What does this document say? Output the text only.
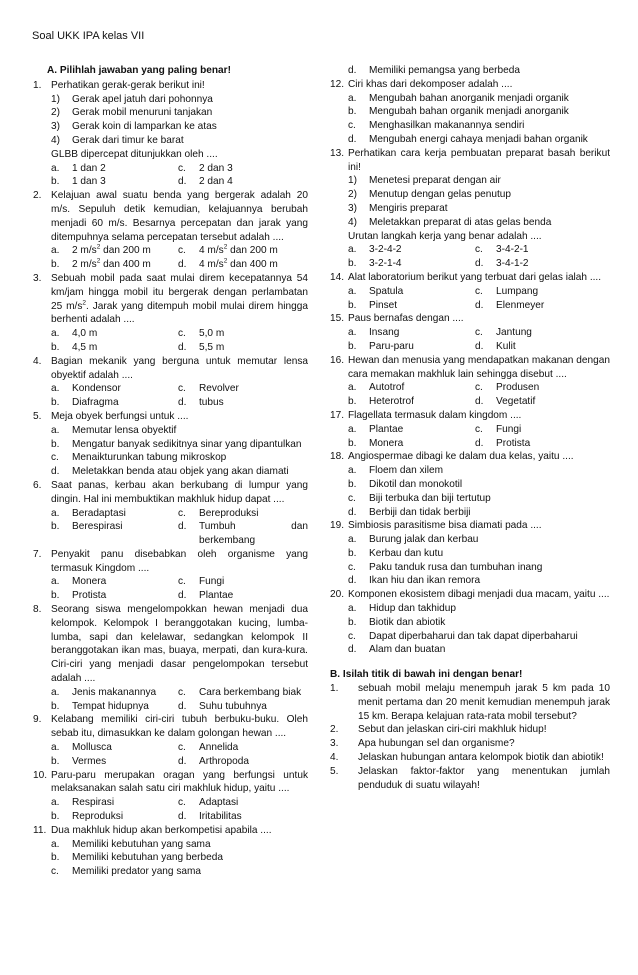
Soal UKK IPA kelas VII
A. Pilihlah jawaban yang paling benar!
1. Perhatikan gerak-gerak berikut ini!
1)	Gerak apel jatuh dari pohonnya
2)	Gerak mobil menuruni tanjakan
3)	Gerak koin di lamparkan ke atas
4)	Gerak dari timur ke barat
GLBB dipercepat ditunjukkan oleh ....
a.	1 dan 2	c.	2 dan 3
b.	1 dan 3	d.	2 dan 4
2. Kelajuan awal suatu benda yang bergerak adalah 20 m/s. Sepuluh detik kemudian, kelajuannya berubah menjadi 60 m/s. Besarnya percepatan dan jarak yang ditempuhnya selama percepatan tersebut adalah ....
a.	2 $m/s^2$ dan 200 m	c.	4 $m/s^2$ dan 200 m
b.	2 $m/s^2$ dan 400 m	d.	4 $m/s^2$ dan 400 m
3. Sebuah mobil pada saat mulai direm kecepatannya 54 km/jam hingga mobil itu bergerak dengan perlambatan 25 $m/s^2$. Jarak yang ditempuh mobil mulai direm hingga berhenti adalah ....
a.	4,0 m	c.	5,0 m
b.	4,5 m	d.	5,5 m
4. Bagian mekanik yang berguna untuk memutar lensa obyektif adalah ....
a.	Kondensor	c.	Revolver
b.	Diafragma	d.	tubus
5. Meja obyek berfungsi untuk ....
a.	Memutar lensa obyektif
b.	Mengatur banyak sedikitnya sinar yang dipantulkan
c.	Menaikturunkan tabung mikroskop
d.	Meletakkan benda atau objek yang akan diamati
6. Saat panas, kerbau akan berkubang di lumpur yang dingin. Hal ini membuktikan makhluk hidup dapat ....
a.	Beradaptasi	c.	Bereproduksi
b.	Berespirasi	d.	Tumbuh dan berkembang
7. Penyakit panu disebabkan oleh organisme yang termasuk Kingdom ....
a.	Monera	c.	Fungi
b.	Protista	d.	Plantae
8. Seorang siswa mengelompokkan hewan menjadi dua kelompok. Kelompok I beranggotakan kucing, lumba-lumba, sapi dan kelelawar, sedangkan kelompok II beranggotakan ikan mas, buaya, merpati, dan kura-kura. Ciri-ciri yang menjadi dasar pengelompokan tersebut adalah ....
a.	Jenis makanannya	c.	Cara berkembang biak
b.	Tempat hidupnya	d.	Suhu tubuhnya
9. Kelabang memiliki ciri-ciri tubuh berbuku-buku. Oleh sebab itu, dimasukkan ke dalam golongan hewan ....
a.	Mollusca	c.	Annelida
b.	Vermes	d.	Arthropoda
10. Paru-paru merupakan oragan yang berfungsi untuk melaksanakan salah satu ciri makhluk hidup, yaitu ....
a.	Respirasi	c.	Adaptasi
b.	Reproduksi	d.	Iritabilitas
11. Dua makhluk hidup akan berkompetisi apabila ....
a.	Memiliki kebutuhan yang sama
b.	Memiliki kebutuhan yang berbeda
c.	Memiliki predator yang sama
d.	Memiliki pemangsa yang berbeda
12. Ciri khas dari dekomposer adalah ....
a.	Mengubah bahan anorganik menjadi organik
b.	Mengubah bahan organik menjadi anorganik
c.	Menghasilkan makanannya sendiri
d.	Mengubah energi cahaya menjadi bahan organik
13. Perhatikan cara kerja pembuatan preparat basah berikut ini!
1)	Menetesi preparat dengan air
2)	Menutup dengan gelas penutup
3)	Mengiris preparat
4)	Meletakkan preparat di atas gelas benda
Urutan langkah kerja yang benar adalah ....
a.	3-2-4-2	c.	3-4-2-1
b.	3-2-1-4	d.	3-4-1-2
14. Alat laboratorium berikut yang terbuat dari gelas ialah ....
a.	Spatula	c.	Lumpang
b.	Pinset	d.	Elenmeyer
15. Paus bernafas dengan ....
a.	Insang	c.	Jantung
b.	Paru-paru	d.	Kulit
16. Hewan dan menusia yang mendapatkan makanan dengan cara memakan makhluk lain sehingga disebut ....
a.	Autotrof	c.	Produsen
b.	Heterotrof	d.	Vegetatif
17. Flagellata termasuk dalam kingdom ....
a.	Plantae	c.	Fungi
b.	Monera	d.	Protista
18. Angiospermae dibagi ke dalam dua kelas, yaitu ....
a.	Floem dan xilem
b.	Dikotil dan monokotil
c.	Biji terbuka dan biji tertutup
d.	Berbiji dan tidak berbiji
19. Simbiosis parasitisme bisa diamati pada ....
a.	Burung jalak dan kerbau
b.	Kerbau dan kutu
c.	Paku tanduk rusa dan tumbuhan inang
d.	Ikan hiu dan ikan remora
20. Komponen ekosistem dibagi menjadi dua macam, yaitu ....
a.	Hidup dan takhidup
b.	Biotik dan abiotik
c.	Dapat diperbaharui dan tak dapat diperbaharui
d.	Alam dan buatan
B. Isilah titik di bawah ini dengan benar!
1.	sebuah mobil melaju menempuh jarak 5 km pada 10 menit pertama dan 20 menit kemudian menempuh jarak 15 km. Berapa kelajuan rata-rata mobil tersebut?
2.	Sebut dan jelaskan ciri-ciri makhluk hidup!
3.	Apa hubungan sel dan organisme?
4.	Jelaskan hubungan antara kelompok biotik dan abiotik!
5.	Jelaskan faktor-faktor yang menentukan jumlah penduduk di suatu wilayah!
